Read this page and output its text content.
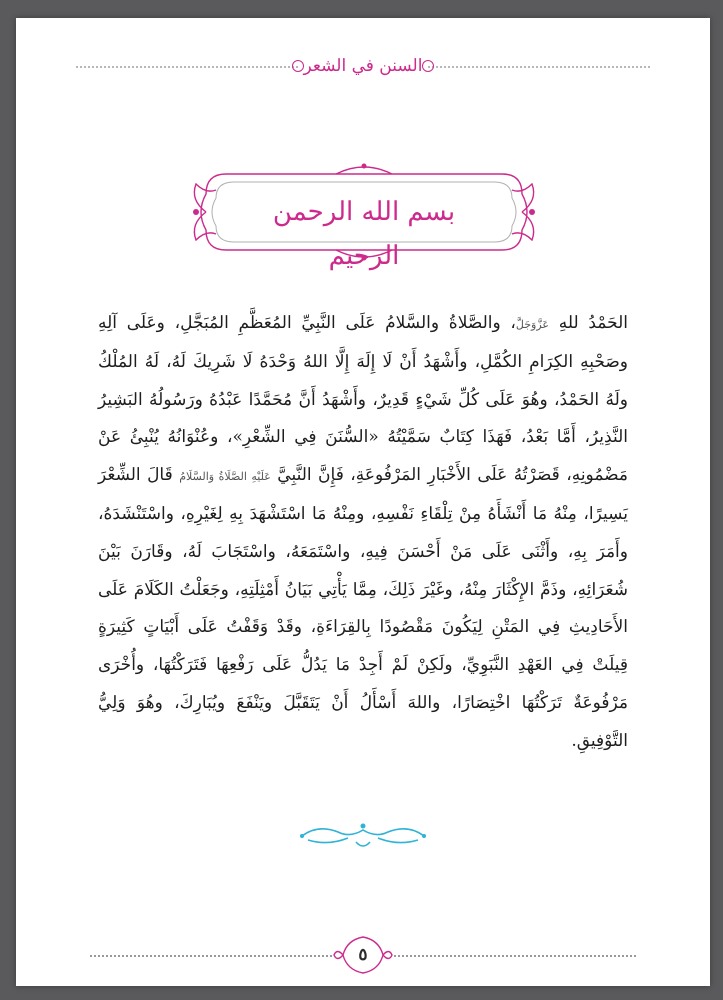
السنن في الشعر
بسم الله الرحمن الرحيم
الحَمْدُ للهِ عَزَّوَجَلَّ، والصَّلاةُ والسَّلامُ عَلَى النَّبِيِّ المُعَظَّمِ المُبَجَّلِ، وعَلَى آلِهِ وصَحْبِهِ الكِرَامِ الكُمَّلِ، وأَشْهَدُ أَنْ لَا إِلَهَ إِلَّا اللهُ وَحْدَهُ لَا شَرِيكَ لَهُ، لَهُ المُلْكُ ولَهُ الحَمْدُ، وهُوَ عَلَى كُلِّ شَيْءٍ قَدِيرٌ، وأَشْهَدُ أَنَّ مُحَمَّدًا عَبْدُهُ ورَسُولُهُ البَشِيرُ النَّذِيرُ، أَمَّا بَعْدُ، فَهَذَا كِتَابٌ سَمَّيْتُهُ «السُّنَنَ فِي الشِّعْرِ»، وعُنْوَانُهُ يُنْبِئُ عَنْ مَضْمُونِهِ، قَصَرْتُهُ عَلَى الأَخْبَارِ المَرْفُوعَةِ، فَإِنَّ النَّبِيَّ عَلَيْهِ الصَّلَاةُ وَالسَّلَامُ قَالَ الشِّعْرَ يَسِيرًا، مِنْهُ مَا أَنْشَأَهُ مِنْ تِلْقَاءِ نَفْسِهِ، ومِنْهُ مَا اسْتَشْهَدَ بِهِ لِغَيْرِهِ، واسْتَنْشَدَهُ، وأَمَرَ بِهِ، وأَثْنَى عَلَى مَنْ أَحْسَنَ فِيهِ، واسْتَمَعَهُ، واسْتَجَابَ لَهُ، وقَارَنَ بَيْنَ شُعَرَائِهِ، وذَمَّ الإِكْثَارَ مِنْهُ، وغَيْرَ ذَلِكَ، مِمَّا يَأْتِي بَيَانُ أَمْثِلَتِهِ، وجَعَلْتُ الكَلَامَ عَلَى الأَحَادِيثِ فِي المَتْنِ لِيَكُونَ مَقْصُودًا بِالقِرَاءَةِ، وقَدْ وَقَفْتُ عَلَى أَبْيَاتٍ كَثِيرَةٍ قِيلَتْ فِي العَهْدِ النَّبَوِيِّ، ولَكِنْ لَمْ أَجِدْ مَا يَدُلُّ عَلَى رَفْعِهَا فَتَرَكْتُهَا، وأُخْرَى مَرْفُوعَةٌ تَرَكْتُهَا اخْتِصَارًا، واللهَ أَسْأَلُ أَنْ يَتَقَبَّلَ ويَنْفَعَ ويُبَارِكَ، وهُوَ وَلِيُّ التَّوْفِيقِ.
٥
